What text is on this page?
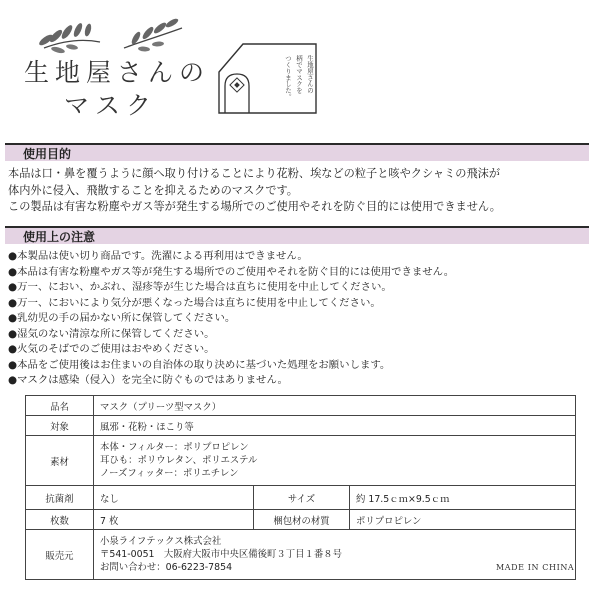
生地屋さんの
マスク
生地屋さんの
柄でマスクを
つくりました。
使用目的

本品は口・鼻を覆うように顔へ取り付けることにより花粉、埃などの粒子と咳やクシャミの飛沫が

体内外に侵入、飛散することを抑えるためのマスクです。

この製品は有害な粉塵やガス等が発生する場所でのご使用やそれを防ぐ目的には使用できません。

使用上の注意
●本製品は使い切り商品です。洗濯による再利用はできません。
●本品は有害な粉塵やガス等が発生する場所でのご使用やそれを防ぐ目的には使用できません。
●万一、におい、かぶれ、湿疹等が生じた場合は直ちに使用を中止してください。
●万一、においにより気分が悪くなった場合は直ちに使用を中止してください。
●乳幼児の手の届かない所に保管してください。
●湿気のない清涼な所に保管してください。
●火気のそばでのご使用はおやめください。
●本品をご使用後はお住まいの自治体の取り決めに基づいた処理をお願いします。
●マスクは感染（侵入）を完全に防ぐものではありません。
品名	マスク（プリーツ型マスク）		
対象	風邪・花粉・ほこり等		
素材	本体・フィルター：ポリプロピレン
耳ひも：ポリウレタン、ポリエステル
ノーズフィッター：ポリエチレン		

抗菌剤	なし	サイズ	約 17.5ｃｍ×9.5ｃｍ
枚数	7 枚	梱包材の材質	ポリプロピレン
販売元	小泉ライフテックス株式会社
〒541-0051　大阪府大阪市中央区備後町３丁目１番８号
お問い合わせ：06-6223-7854			MADE IN CHINA
